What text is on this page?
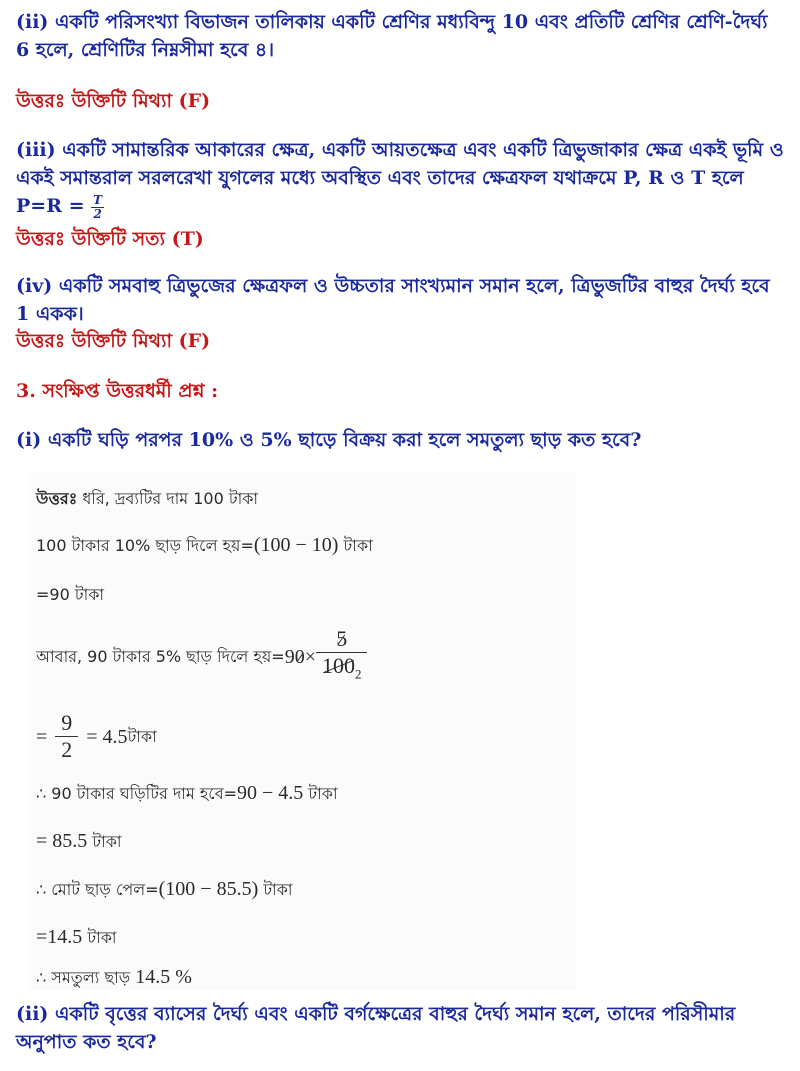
(ii) একটি পরিসংখ্যা বিভাজন তালিকায় একটি শ্রেণির মধ্যবিন্দু 10 এবং প্রতিটি শ্রেণির শ্রেণি-দৈর্ঘ্য 6 হলে, শ্রেণিটির নিম্নসীমা হবে ৪।
উত্তরঃ উক্তিটি মিথ্যা (F)
(iii) একটি সামান্তরিক আকারের ক্ষেত্র, একটি আয়তক্ষেত্র এবং একটি ত্রিভুজাকার ক্ষেত্র একই ভূমি ও একই সমান্তরাল সরলরেখা যুগলের মধ্যে অবস্থিত এবং তাদের ক্ষেত্রফল যথাক্রমে P, R ও T হলে $P=R = \frac{T}{2}$
উত্তরঃ উক্তিটি সত্য (T)
(iv) একটি সমবাহু ত্রিভুজের ক্ষেত্রফল ও উচ্চতার সাংখ্যমান সমান হলে, ত্রিভুজটির বাহুর দৈর্ঘ্য হবে 1 একক।
উত্তরঃ উক্তিটি মিথ্যা (F)
3. সংক্ষিপ্ত উত্তরধর্মী প্রশ্ন :
(i) একটি ঘড়ি পরপর 10% ও 5% ছাড়ে বিক্রয় করা হলে সমতুল্য ছাড় কত হবে?
উত্তরঃ ধরি, দ্রব্যটির দাম 100 টাকা
100 টাকার 10% ছাড় দিলে হয়=(100 − 10) টাকা
=90 টাকা
আবার, 90 টাকার 5% ছাড় দিলে হয়= 9 $0 \times \frac{5}{100_2}$
= $\frac{9}{2} = 4.5$ টাকা
∴ 90 টাকার ঘড়িটির দাম হবে=90 − 4.5 টাকা
= 85.5 টাকা
∴ মোট ছাড় পেল=(100 − 85.5) টাকা
=14.5 টাকা
∴ সমতুল্য ছাড় 14.5 %
(ii) একটি বৃত্তের ব্যাসের দৈর্ঘ্য এবং একটি বর্গক্ষেত্রের বাহুর দৈর্ঘ্য সমান হলে, তাদের পরিসীমার অনুপাত কত হবে?
